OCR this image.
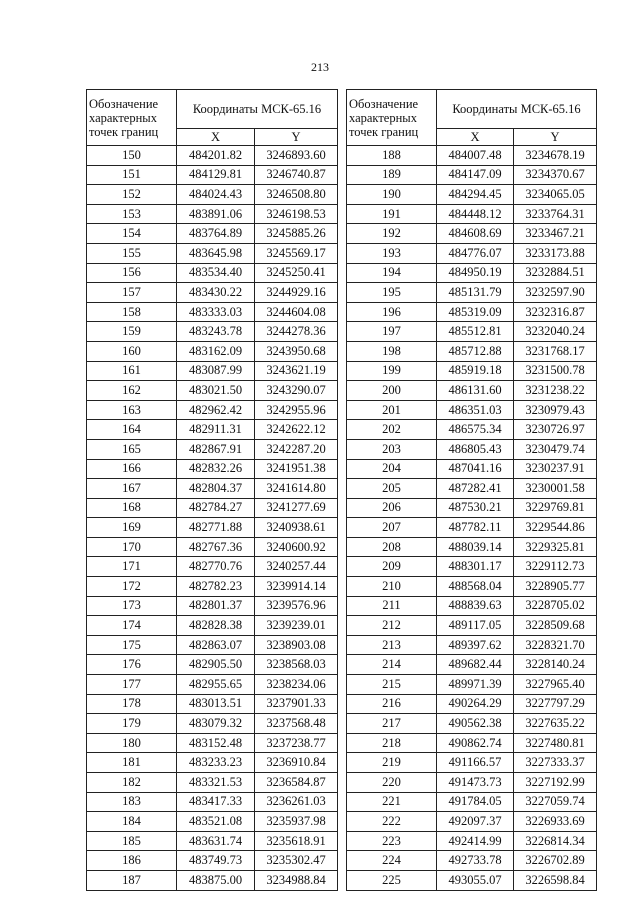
213
Обозначение характерных точек границ	Координаты МСК-65.16	
	X	Y
150	484201.82	3246893.60
151	484129.81	3246740.87
152	484024.43	3246508.80
153	483891.06	3246198.53
154	483764.89	3245885.26
155	483645.98	3245569.17
156	483534.40	3245250.41
157	483430.22	3244929.16
158	483333.03	3244604.08
159	483243.78	3244278.36
160	483162.09	3243950.68
161	483087.99	3243621.19
162	483021.50	3243290.07
163	482962.42	3242955.96
164	482911.31	3242622.12
165	482867.91	3242287.20
166	482832.26	3241951.38
167	482804.37	3241614.80
168	482784.27	3241277.69
169	482771.88	3240938.61
170	482767.36	3240600.92
171	482770.76	3240257.44
172	482782.23	3239914.14
173	482801.37	3239576.96
174	482828.38	3239239.01
175	482863.07	3238903.08
176	482905.50	3238568.03
177	482955.65	3238234.06
178	483013.51	3237901.33
179	483079.32	3237568.48
180	483152.48	3237238.77
181	483233.23	3236910.84
182	483321.53	3236584.87
183	483417.33	3236261.03
184	483521.08	3235937.98
185	483631.74	3235618.91
186	483749.73	3235302.47
187	483875.00	3234988.84
Обозначение характерных точек границ	Координаты МСК-65.16	
	X	Y
188	484007.48	3234678.19
189	484147.09	3234370.67
190	484294.45	3234065.05
191	484448.12	3233764.31
192	484608.69	3233467.21
193	484776.07	3233173.88
194	484950.19	3232884.51
195	485131.79	3232597.90
196	485319.09	3232316.87
197	485512.81	3232040.24
198	485712.88	3231768.17
199	485919.18	3231500.78
200	486131.60	3231238.22
201	486351.03	3230979.43
202	486575.34	3230726.97
203	486805.43	3230479.74
204	487041.16	3230237.91
205	487282.41	3230001.58
206	487530.21	3229769.81
207	487782.11	3229544.86
208	488039.14	3229325.81
209	488301.17	3229112.73
210	488568.04	3228905.77
211	488839.63	3228705.02
212	489117.05	3228509.68
213	489397.62	3228321.70
214	489682.44	3228140.24
215	489971.39	3227965.40
216	490264.29	3227797.29
217	490562.38	3227635.22
218	490862.74	3227480.81
219	491166.57	3227333.37
220	491473.73	3227192.99
221	491784.05	3227059.74
222	492097.37	3226933.69
223	492414.99	3226814.34
224	492733.78	3226702.89
225	493055.07	3226598.84
